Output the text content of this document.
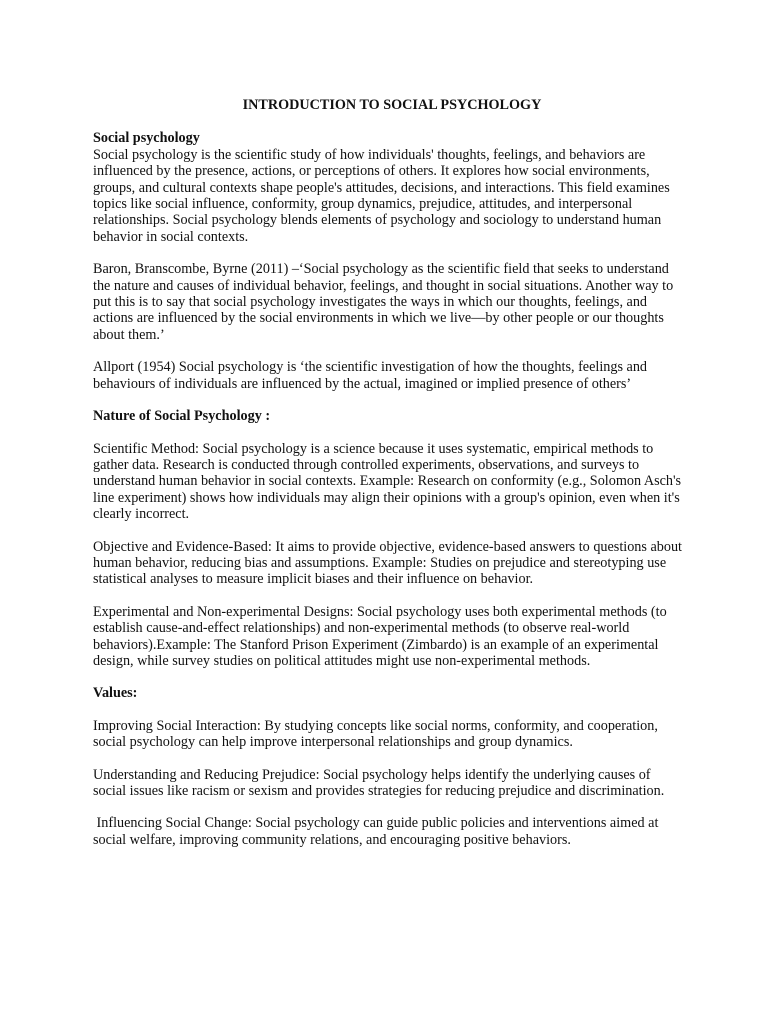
INTRODUCTION TO SOCIAL PSYCHOLOGY
Social psychology

Social psychology is the scientific study of how individuals' thoughts, feelings, and behaviors are influenced by the presence, actions, or perceptions of others. It explores how social environments, groups, and cultural contexts shape people's attitudes, decisions, and interactions. This field examines topics like social influence, conformity, group dynamics, prejudice, attitudes, and interpersonal relationships. Social psychology blends elements of psychology and sociology to understand human behavior in social contexts.

Baron, Branscombe, Byrne (2011) –‘Social psychology as the scientific field that seeks to understand the nature and causes of individual behavior, feelings, and thought in social situations. Another way to put this is to say that social psychology investigates the ways in which our thoughts, feelings, and actions are influenced by the social environments in which we live—by other people or our thoughts about them.’

Allport (1954) Social psychology is ‘the scientific investigation of how the thoughts, feelings and behaviours of individuals are influenced by the actual, imagined or implied presence of others’

Nature of Social Psychology :

Scientific Method: Social psychology is a science because it uses systematic, empirical methods to gather data. Research is conducted through controlled experiments, observations, and surveys to understand human behavior in social contexts. Example: Research on conformity (e.g., Solomon Asch's line experiment) shows how individuals may align their opinions with a group's opinion, even when it's clearly incorrect.

Objective and Evidence-Based: It aims to provide objective, evidence-based answers to questions about human behavior, reducing bias and assumptions. Example: Studies on prejudice and stereotyping use statistical analyses to measure implicit biases and their influence on behavior.

Experimental and Non-experimental Designs: Social psychology uses both experimental methods (to establish cause-and-effect relationships) and non-experimental methods (to observe real-world behaviors).Example: The Stanford Prison Experiment (Zimbardo) is an example of an experimental design, while survey studies on political attitudes might use non-experimental methods.

Values:

Improving Social Interaction: By studying concepts like social norms, conformity, and cooperation, social psychology can help improve interpersonal relationships and group dynamics.

Understanding and Reducing Prejudice: Social psychology helps identify the underlying causes of social issues like racism or sexism and provides strategies for reducing prejudice and discrimination.

Influencing Social Change: Social psychology can guide public policies and interventions aimed at social welfare, improving community relations, and encouraging positive behaviors.
